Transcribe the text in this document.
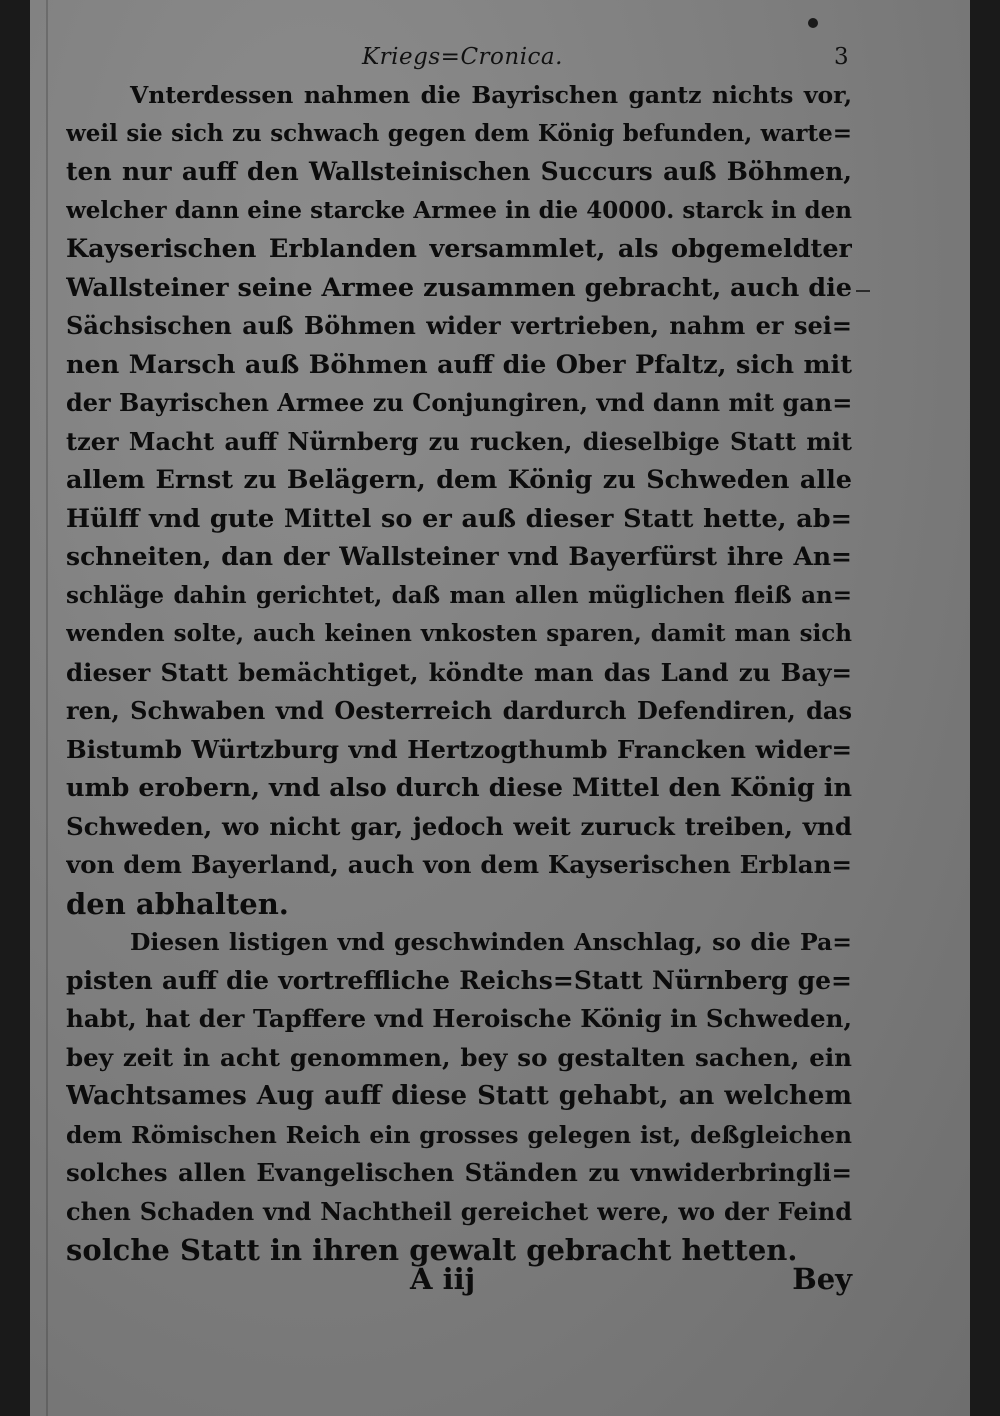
Kriegs=Cronica.	3
Vnterdessen nahmen die Bayrischen gantz nichts vor,
weil sie sich zu schwach gegen dem König befunden, warte=
ten nur auff den Wallsteinischen Succurs auß Böhmen,
welcher dann eine starcke Armee in die 40000. starck in den
Kayserischen Erblanden versammlet, als obgemeldter
Wallsteiner seine Armee zusammen gebracht, auch die
Sächsischen auß Böhmen wider vertrieben, nahm er sei=
nen Marsch auß Böhmen auff die Ober Pfaltz, sich mit
der Bayrischen Armee zu Conjungiren, vnd dann mit gan=
tzer Macht auff Nürnberg zu rucken, dieselbige Statt mit
allem Ernst zu Belägern, dem König zu Schweden alle
Hülff vnd gute Mittel so er auß dieser Statt hette, ab=
schneiten, dan der Wallsteiner vnd Bayerfürst ihre An=
schläge dahin gerichtet, daß man allen müglichen fleiß an=
wenden solte, auch keinen vnkosten sparen, damit man sich
dieser Statt bemächtiget, köndte man das Land zu Bay=
ren, Schwaben vnd Oesterreich dardurch Defendiren, das
Bistumb Würtzburg vnd Hertzogthumb Francken wider=
umb erobern, vnd also durch diese Mittel den König in
Schweden, wo nicht gar, jedoch weit zuruck treiben, vnd
von dem Bayerland, auch von dem Kayserischen Erblan=
den abhalten.
Diesen listigen vnd geschwinden Anschlag, so die Pa=
pisten auff die vortreffliche Reichs=Statt Nürnberg ge=
habt, hat der Tapffere vnd Heroische König in Schweden,
bey zeit in acht genommen, bey so gestalten sachen, ein
Wachtsames Aug auff diese Statt gehabt, an welchem
dem Römischen Reich ein grosses gelegen ist, deßgleichen
solches allen Evangelischen Ständen zu vnwiderbringli=
chen Schaden vnd Nachtheil gereichet were, wo der Feind
solche Statt in ihren gewalt gebracht hetten.
A iij	Bey
